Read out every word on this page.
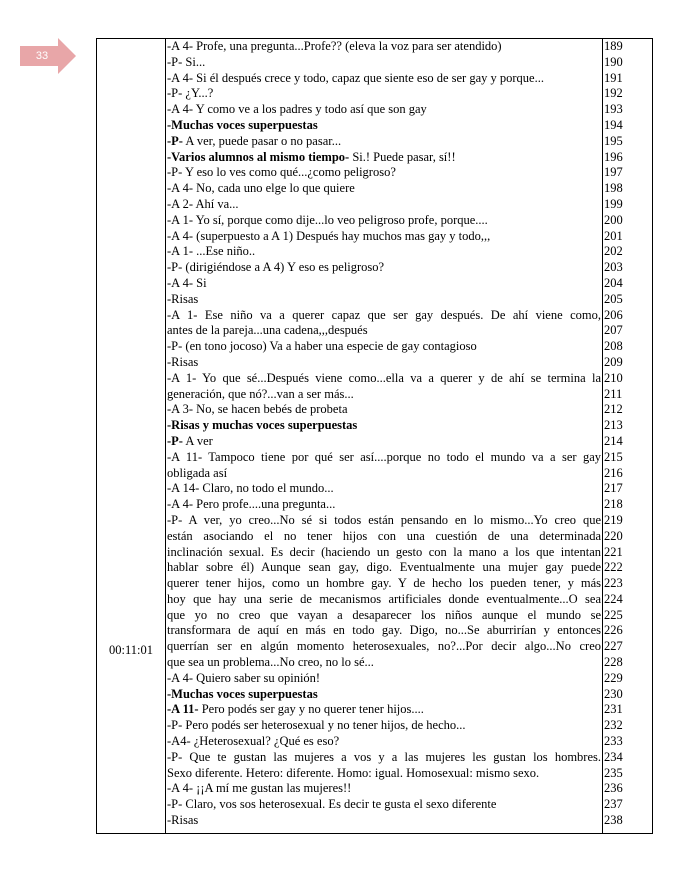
33
00:11:01
-A 4- Profe, una pregunta...Profe?? (eleva la voz para ser atendido)	189
-P- Si...	190
-A 4- Si él después crece y todo, capaz que siente eso de ser gay y porque...	191
-P- ¿Y...?	192
-A 4- Y como ve a los padres y todo así que son gay	193
-Muchas voces superpuestas	194
-P- A ver, puede pasar o no pasar...	195
-Varios alumnos al mismo tiempo- Si.! Puede pasar, sí!!	196
-P- Y eso lo ves como qué...¿como peligroso?	197
-A 4- No, cada uno elge lo que quiere	198
-A 2- Ahí va...	199
-A 1- Yo sí, porque como dije...lo veo peligroso profe, porque....	200
-A 4- (superpuesto a A 1) Después hay muchos mas gay y todo,,,	201
-A 1- ...Ese niño..	202
-P- (dirigiéndose a A 4) Y eso es peligroso?	203
-A 4- Si	204
-Risas	205
-A 1- Ese niño va a querer capaz que ser gay después. De ahí viene como, 206
antes de la pareja...una cadena,,,después	207
-P- (en tono jocoso) Va a haber una especie de gay contagioso	208
-Risas	209
-A 1- Yo que sé...Después viene como...ella va a querer y de ahí se termina la 210
generación, que nó?...van a ser más...	211
-A 3- No, se hacen bebés de probeta	212
-Risas y muchas voces superpuestas	213
-P- A ver	214
-A 11- Tampoco tiene por qué ser así....porque no todo el mundo va a ser gay 215
obligada así	216
-A 14- Claro, no todo el mundo...	217
-A 4- Pero profe....una pregunta...	218
-P- A ver, yo creo...No sé si todos están pensando en lo mismo...Yo creo que 219
están asociando el no tener hijos con una cuestión de una determinada 220
inclinación sexual. Es decir (haciendo un gesto con la mano a los que intentan 221
hablar sobre él) Aunque sean gay, digo. Eventualmente una mujer gay puede 222
querer tener hijos, como un hombre gay. Y de hecho los pueden tener, y más 223
hoy que hay una serie de mecanismos artificiales donde eventualmente...O sea 224
que yo no creo que vayan a desaparecer los niños aunque el mundo se 225
transformara de aquí en más en todo gay. Digo, no...Se aburrirían y entonces 226
querrían ser en algún momento heterosexuales, no?...Por decir algo...No creo 227
que sea un problema...No creo, no lo sé...	228
-A 4- Quiero saber su opinión!	229
-Muchas voces superpuestas	230
-A 11- Pero podés ser gay y no querer tener hijos....	231
-P- Pero podés ser heterosexual y no tener hijos, de hecho...	232
-A4- ¿Heterosexual? ¿Qué es eso?	233
-P- Que te gustan las mujeres a vos y a las mujeres les gustan los hombres. 234
Sexo diferente. Hetero: diferente. Homo: igual. Homosexual: mismo sexo.	235
-A 4- ¡¡A mí me gustan las mujeres!!	236
-P- Claro, vos sos heterosexual. Es decir te gusta el sexo diferente	237
-Risas	238
